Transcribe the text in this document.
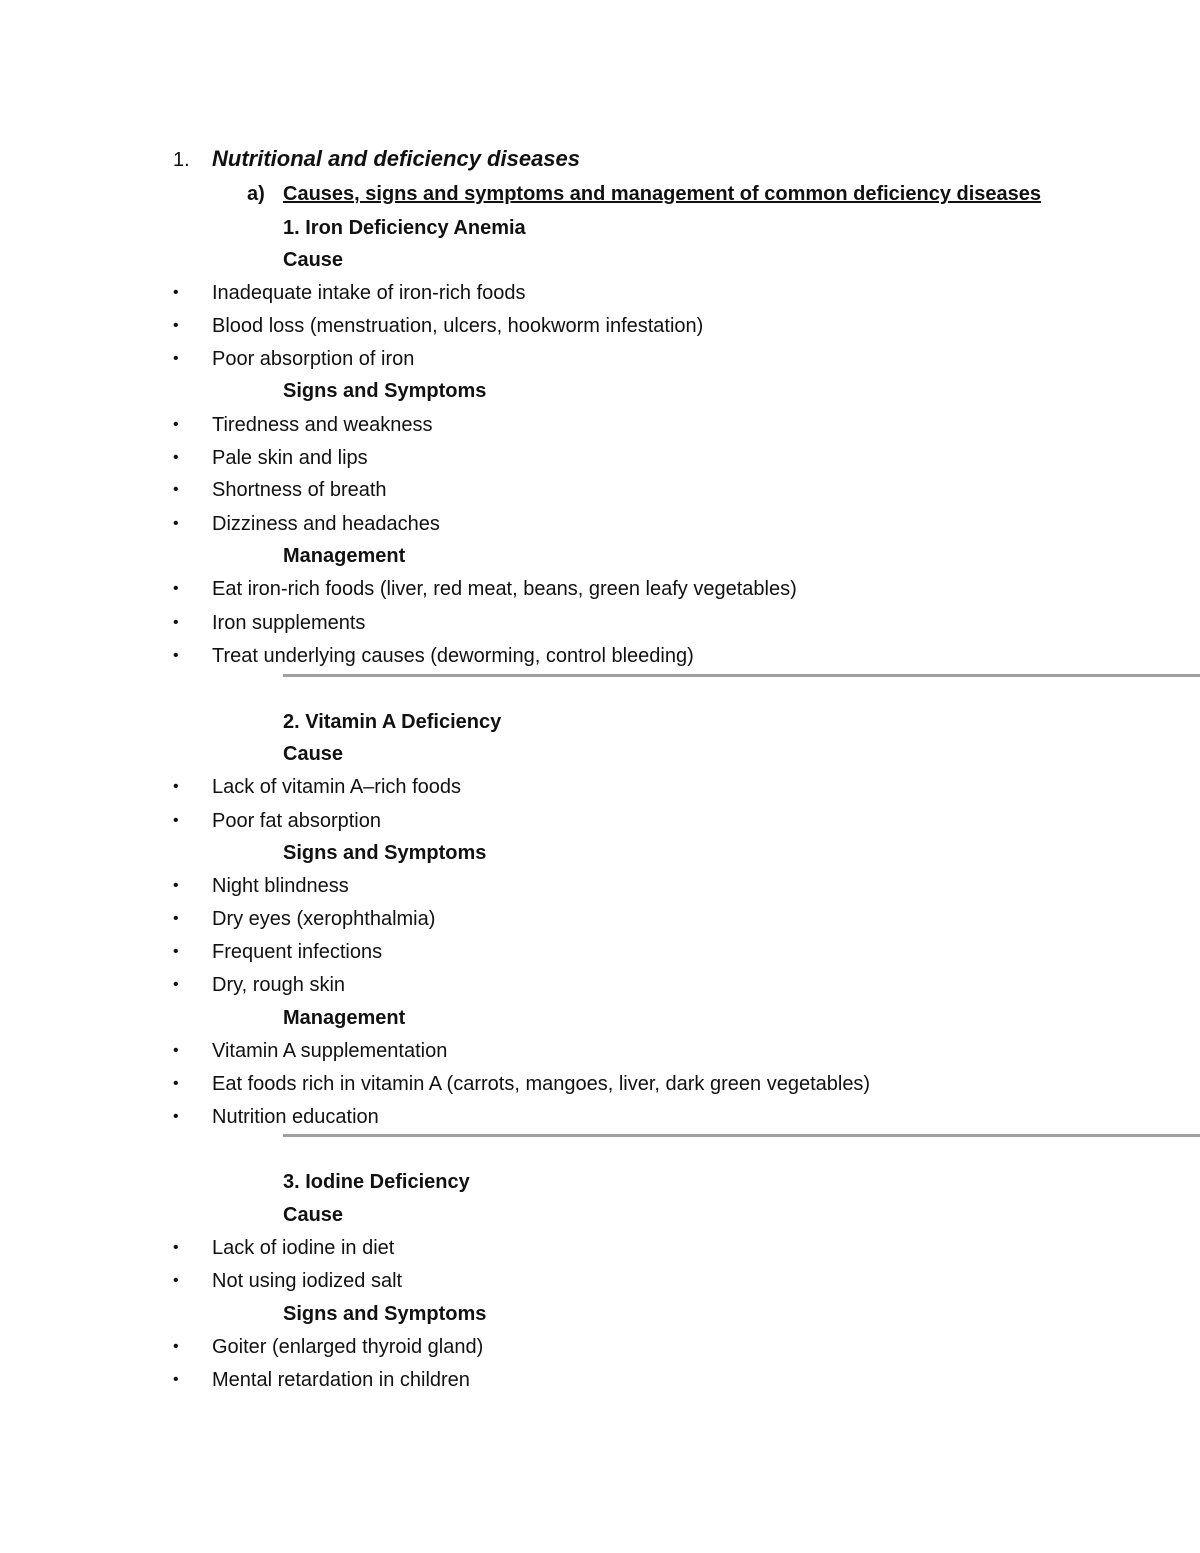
1. Nutritional and deficiency diseases
a) Causes, signs and symptoms and management of common deficiency diseases
1. Iron Deficiency Anemia
Cause
• Inadequate intake of iron-rich foods
• Blood loss (menstruation, ulcers, hookworm infestation)
• Poor absorption of iron
Signs and Symptoms
• Tiredness and weakness
• Pale skin and lips
• Shortness of breath
• Dizziness and headaches
Management
• Eat iron-rich foods (liver, red meat, beans, green leafy vegetables)
• Iron supplements
• Treat underlying causes (deworming, control bleeding)
2. Vitamin A Deficiency
Cause
• Lack of vitamin A–rich foods
• Poor fat absorption
Signs and Symptoms
• Night blindness
• Dry eyes (xerophthalmia)
• Frequent infections
• Dry, rough skin
Management
• Vitamin A supplementation
• Eat foods rich in vitamin A (carrots, mangoes, liver, dark green vegetables)
• Nutrition education
3. Iodine Deficiency
Cause
• Lack of iodine in diet
• Not using iodized salt
Signs and Symptoms
• Goiter (enlarged thyroid gland)
• Mental retardation in children
